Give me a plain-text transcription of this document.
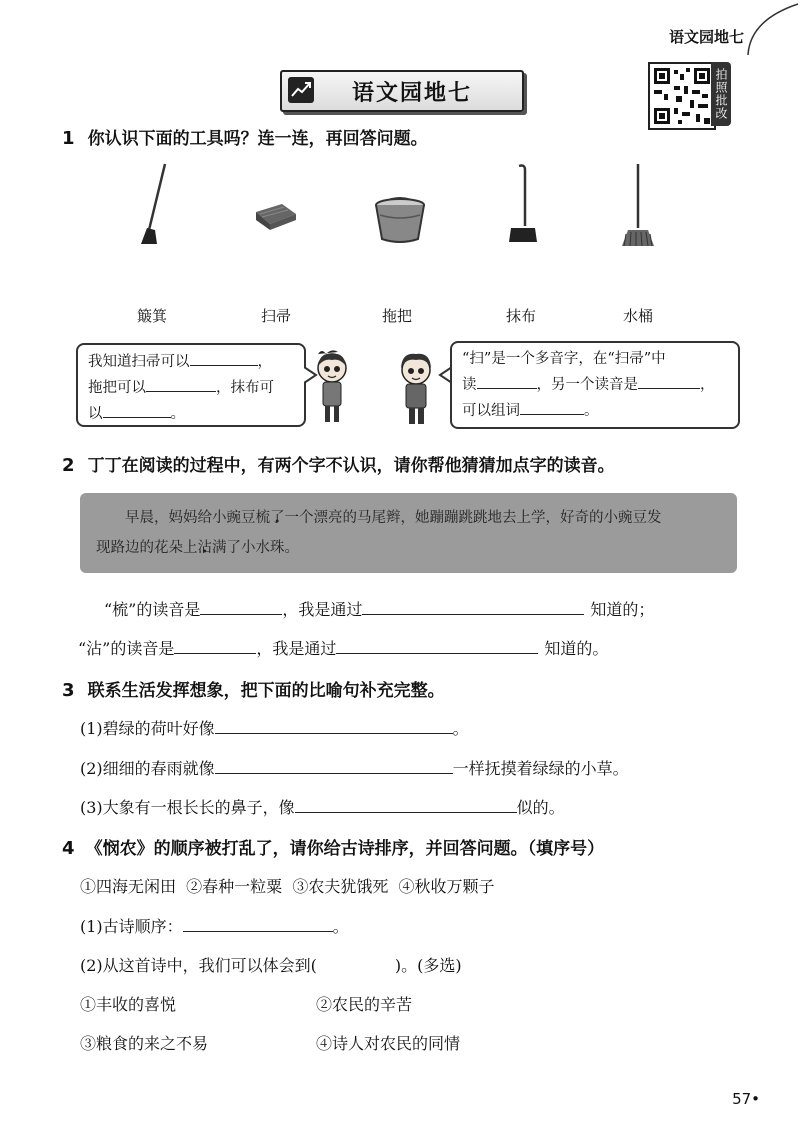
语文园地七
语文园地七	拍照批改
1 你认识下面的工具吗？连一连，再回答问题。
簸箕	扫帚	拖把	抹布	水桶
我知道扫帚可以	，
拖把可以	，抹布可
以	。
“扫”是一个多音字，在“扫帚”中
读	，另一个读音是	，
可以组词	。
2 丁丁在阅读的过程中，有两个字不认识，请你帮他猜猜加点字的读音。
早晨，妈妈给小豌豆梳了一个漂亮的马尾辫，她蹦蹦跳跳地去上学，好奇的小豌豆发
现路边的花朵上沾满了小水珠。
“梳”的读音是	，我是通过	知道的；
“沾”的读音是	，我是通过	知道的。
3 联系生活发挥想象，把下面的比喻句补充完整。
(1)碧绿的荷叶好像	。
(2)细细的春雨就像	一样抚摸着绿绿的小草。
(3)大象有一根长长的鼻子，像	似的。
4 《悯农》的顺序被打乱了，请你给古诗排序，并回答问题。（填序号）
①四海无闲田  ②春种一粒粟  ③农夫犹饿死  ④秋收万颗子
(1)古诗顺序：	。
(2)从这首诗中，我们可以体会到(	)。(多选)
①丰收的喜悦	②农民的辛苦
③粮食的来之不易	④诗人对农民的同情
57•
